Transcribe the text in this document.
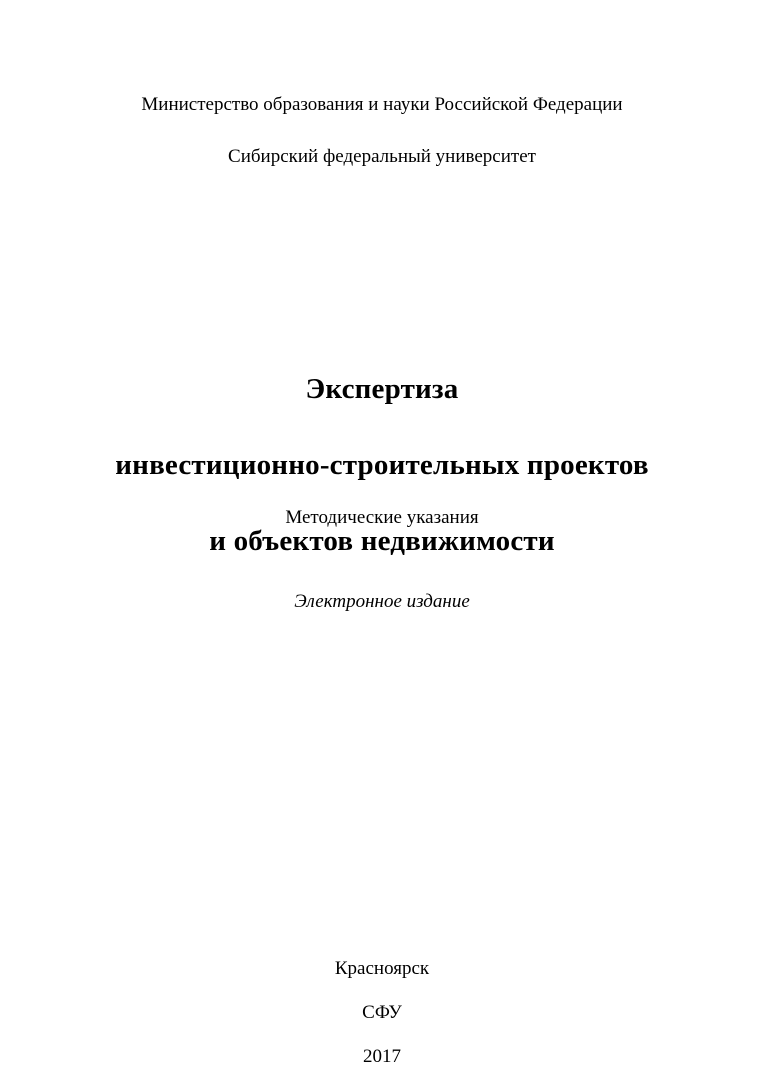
Министерство образования и науки Российской Федерации

Сибирский федеральный университет

Экспертиза

инвестиционно-строительных проектов

и объектов недвижимости

Методические указания
Электронное издание

Красноярск

СФУ

2017
